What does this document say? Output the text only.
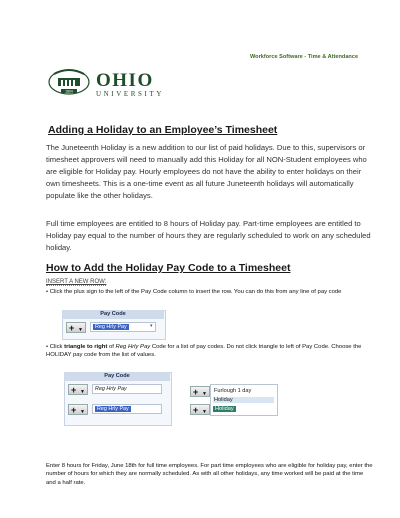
Workforce Software - Time & Attendance
1804
OHIO
UNIVERSITY
Adding a Holiday to an Employee’s Timesheet

The Juneteenth Holiday is a new addition to our list of paid holidays. Due to this, supervisors or timesheet approvers will need to manually add this Holiday for all NON-Student employees who are eligible for Holiday pay. Hourly employees do not have the ability to enter holidays on their own timesheets. This is a one-time event as all future Juneteenth holidays will automatically populate like the other holidays.

Full time employees are entitled to 8 hours of Holiday pay. Part-time employees are entitled to Holiday pay equal to the number of hours they are regularly scheduled to work on any scheduled holiday.

How to Add the Holiday Pay Code to a Timesheet
INSERT A NEW ROW:

• Click the plus sign to the left of the Pay Code column to insert the row. You can do this from any line of pay code

Pay Code
+ ▼	Reg Hrly Pay	▾

• Click triangle to right of Reg Hrly Pay Code for a list of pay codes. Do not click triangle to left of Pay Code. Choose the HOLIDAY pay code from the list of values.

Pay Code
+ ▼	Reg Hrly Pay
+ ▼	Reg Hrly Pay
+ ▼
+ ▼
Furlough 1 day
Holiday
Holiday

Enter 8 hours for Friday, June 18th for full time employees. For part time employees who are eligible for holiday pay, enter the number of hours for which they are normally scheduled. As with all other holidays, any time worked will be paid at the time and a half rate.
